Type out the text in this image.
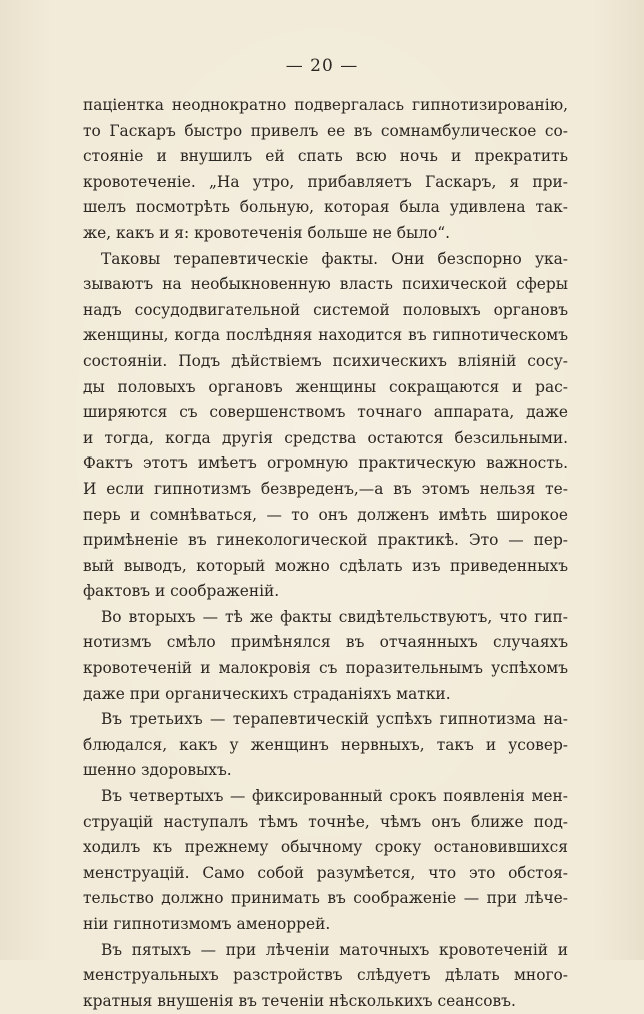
— 20 —
пацiентка неоднократно подвергалась гипнотизированiю,
то Гаскаръ быстро привелъ ее въ сомнамбулическое со-
стоянiе и внушилъ ей спать всю ночь и прекратить
кровотеченiе. „На утро, прибавляетъ Гаскаръ, я при-
шелъ посмотрѣть больную, которая была удивлена так-
же, какъ и я: кровотеченiя больше не было“.
Таковы терапевтическiе факты. Они безспорно ука-
зываютъ на необыкновенную власть психической сферы
надъ сосудодвигательной системой половыхъ органовъ
женщины, когда послѣдняя находится въ гипнотическомъ
состоянiи. Подъ дѣйствiемъ психическихъ влiянiй сосу-
ды половыхъ органовъ женщины сокращаются и рас-
ширяются съ совершенствомъ точнаго аппарата, даже
и тогда, когда другiя средства остаются безсильными.
Фактъ этотъ имѣетъ огромную практическую важность.
И если гипнотизмъ безвреденъ,—а въ этомъ нельзя те-
перь и сомнѣваться, — то онъ долженъ имѣть широкое
примѣненiе въ гинекологической практикѣ. Это — пер-
вый выводъ, который можно сдѣлать изъ приведенныхъ
фактовъ и соображенiй.
Во вторыхъ — тѣ же факты свидѣтельствуютъ, что гип-
нотизмъ смѣло примѣнялся въ отчаянныхъ случаяхъ
кровотеченiй и малокровiя съ поразительнымъ успѣхомъ
даже при органическихъ страданiяхъ матки.
Въ третьихъ — терапевтическiй успѣхъ гипнотизма на-
блюдался, какъ у женщинъ нервныхъ, такъ и усовер-
шенно здоровыхъ.
Въ четвертыхъ — фиксированный срокъ появленiя мен-
струацiй наступалъ тѣмъ точнѣе, чѣмъ онъ ближе под-
ходилъ къ прежнему обычному сроку остановившихся
менструацiй. Само собой разумѣется, что это обстоя-
тельство должно принимать въ соображенiе — при лѣче-
нiи гипнотизмомъ аменоррей.
Въ пятыхъ — при лѣченiи маточныхъ кровотеченiй и
менструальныхъ разстройствъ слѣдуетъ дѣлать много-
кратныя внушенiя въ теченiи нѣсколькихъ сеансовъ.
